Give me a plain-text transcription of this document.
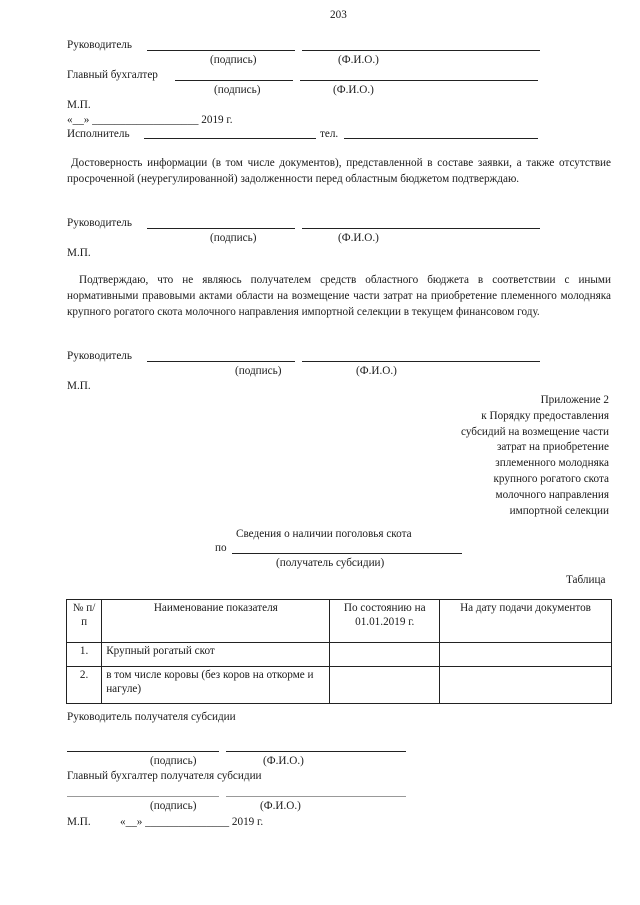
203
Руководитель
(подпись)	(Ф.И.О.)
Главный бухгалтер
(подпись)	(Ф.И.О.)
М.П.
«__» ___________________ 2019 г.
Исполнитель	тел.
Достоверность информации (в том числе документов), представленной в составе заявки, а также отсутствие просроченной (неурегулированной) задолженности перед областным бюджетом подтверждаю.
Руководитель
(подпись)	(Ф.И.О.)
М.П.
Подтверждаю, что не являюсь получателем средств областного бюджета в соответствии с иными нормативными правовыми актами области на возмещение части затрат на приобретение племенного молодняка крупного рогатого скота молочного направления импортной селекции в текущем финансовом году.
Руководитель
(подпись)	(Ф.И.О.)
М.П.
Приложение 2
к Порядку предоставления
субсидий на возмещение части
затрат на приобретение
зплеменного молодняка
крупного рогатого скота
молочного направления
импортной селекции
Сведения о наличии поголовья скота
по
(получатель субсидии)
Таблица
№ п/п	Наименование показателя	По состоянию на 01.01.2019 г.	На дату подачи документов
1.	Крупный рогатый скот		
2.	в том числе коровы (без коров на откорме и нагуле)		
Руководитель получателя субсидии
(подпись)	(Ф.И.О.)
Главный бухгалтер получателя субсидии
(подпись)	(Ф.И.О.)
М.П.	«__» _______________ 2019 г.
